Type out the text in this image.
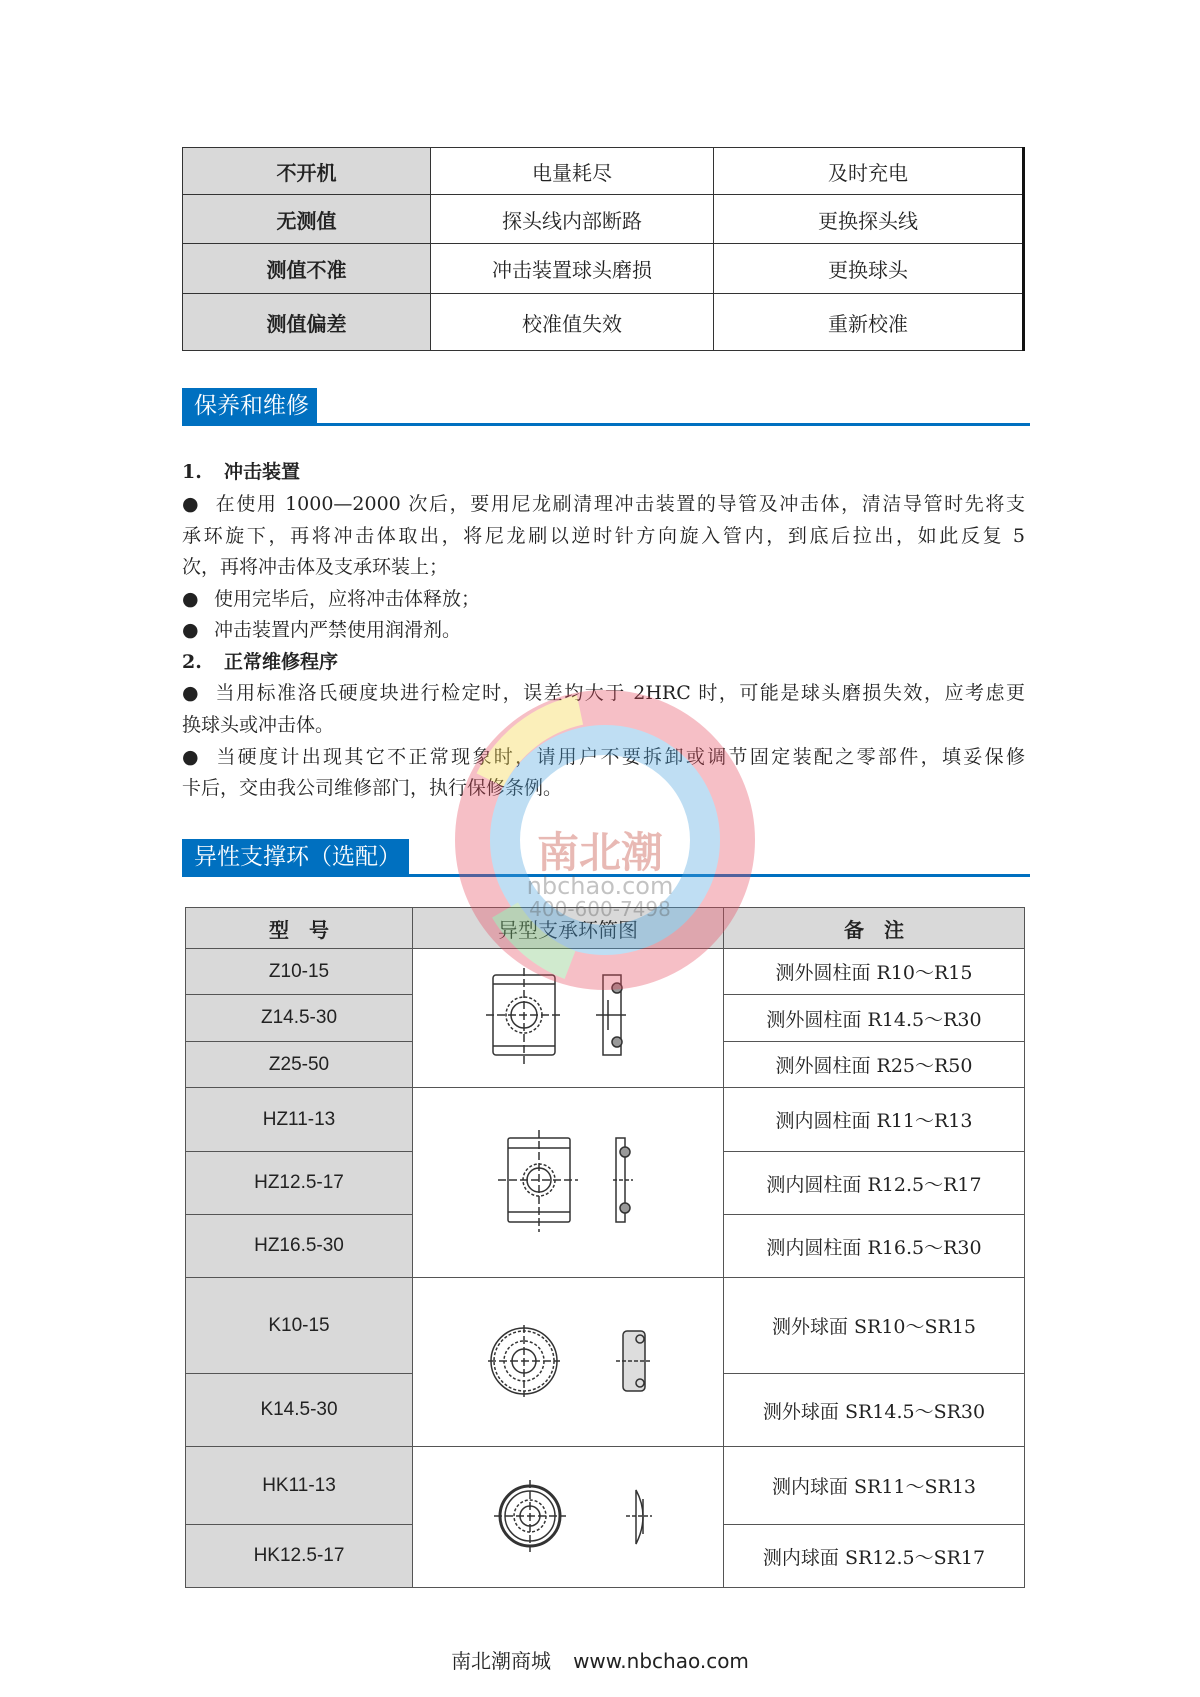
不开机	电量耗尽	及时充电
无测值	探头线内部断路	更换探头线
测值不准	冲击装置球头磨损	更换球头
测值偏差	校准值失效	重新校准
保养和维修
1. 冲击装置
● 在使用 1000—2000 次后，要用尼龙刷清理冲击装置的导管及冲击体，清洁导管时先将支
承环旋下，再将冲击体取出，将尼龙刷以逆时针方向旋入管内，到底后拉出，如此反复 5
次，再将冲击体及支承环装上；
● 使用完毕后，应将冲击体释放；
● 冲击装置内严禁使用润滑剂。
2. 正常维修程序
● 当用标准洛氏硬度块进行检定时，误差均大于 2HRC 时，可能是球头磨损失效，应考虑更
换球头或冲击体。
● 当硬度计出现其它不正常现象时，请用户不要拆卸或调节固定装配之零部件，填妥保修
卡后，交由我公司维修部门，执行保修条例。
异性支撑环（选配）
型　号	异型支承环简图	备　注
Z10-15		测外圆柱面 R10～R15
Z14.5-30		测外圆柱面 R14.5～R30
Z25-50		测外圆柱面 R25～R50
HZ11-13		测内圆柱面 R11～R13
HZ12.5-17		测内圆柱面 R12.5～R17
HZ16.5-30		测内圆柱面 R16.5～R30
K10-15		测外球面 SR10～SR15
K14.5-30		测外球面 SR14.5～SR30
HK11-13		测内球面 SR11～SR13
HK12.5-17		测内球面 SR12.5～SR17
南北潮
nbchao.com
400-600-7498
南北潮商城 www.nbchao.com
